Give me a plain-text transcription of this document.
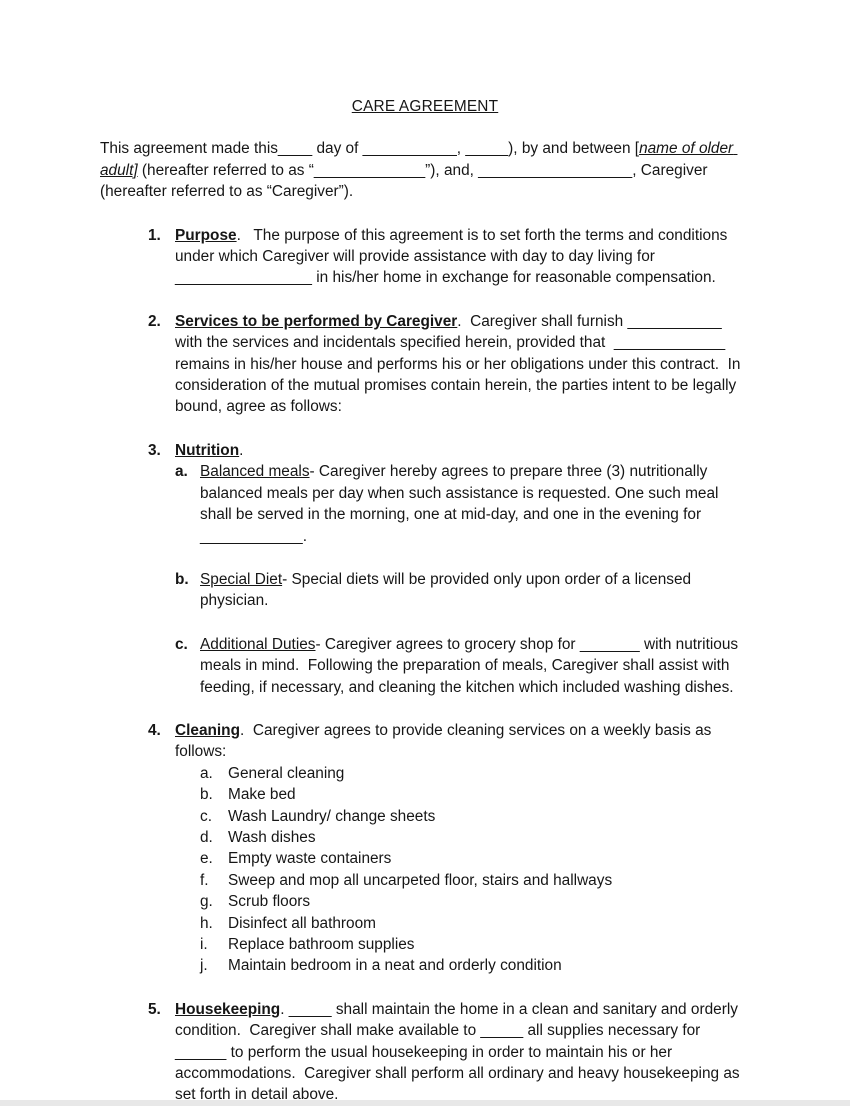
CARE AGREEMENT
This agreement made this____ day of ___________, _____), by and between [name of older adult] (hereafter referred to as “_____________”), and, __________________, Caregiver (hereafter referred to as “Caregiver”).
1. Purpose.   The purpose of this agreement is to set forth the terms and conditions under which Caregiver will provide assistance with day to day living for ________________ in his/her home in exchange for reasonable compensation.
2. Services to be performed by Caregiver.  Caregiver shall furnish ___________ with the services and incidentals specified herein, provided that  _____________ remains in his/her house and performs his or her obligations under this contract.  In consideration of the mutual promises contain herein, the parties intent to be legally bound, agree as follows:
3. Nutrition.
a. Balanced meals- Caregiver hereby agrees to prepare three (3) nutritionally balanced meals per day when such assistance is requested. One such meal shall be served in the morning, one at mid-day, and one in the evening for ____________.
b. Special Diet- Special diets will be provided only upon order of a licensed physician.
c. Additional Duties- Caregiver agrees to grocery shop for _______ with nutritious meals in mind.  Following the preparation of meals, Caregiver shall assist with feeding, if necessary, and cleaning the kitchen which included washing dishes.
4. Cleaning.  Caregiver agrees to provide cleaning services on a weekly basis as follows:
a. General cleaning
b. Make bed
c. Wash Laundry/ change sheets
d. Wash dishes
e. Empty waste containers
f. Sweep and mop all uncarpeted floor, stairs and hallways
g. Scrub floors
h. Disinfect all bathroom
i. Replace bathroom supplies
j. Maintain bedroom in a neat and orderly condition
5. Housekeeping. _____ shall maintain the home in a clean and sanitary and orderly condition.  Caregiver shall make available to _____ all supplies necessary for ______ to perform the usual housekeeping in order to maintain his or her accommodations.  Caregiver shall perform all ordinary and heavy housekeeping as set forth in detail above.
